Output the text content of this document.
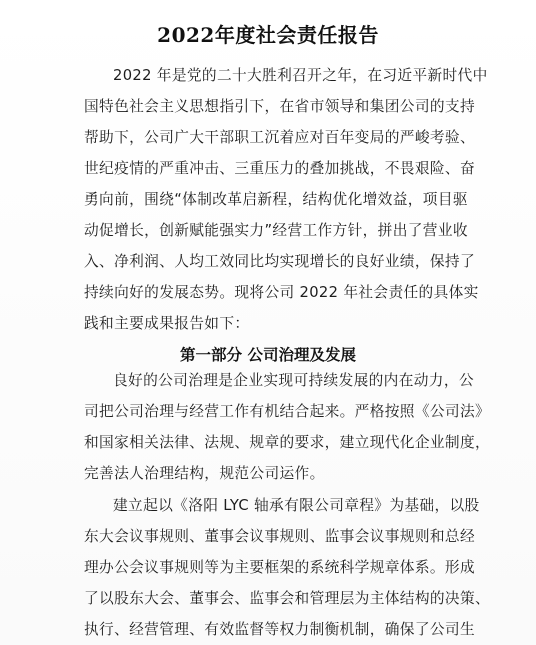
2022年度社会责任报告
2022 年是党的二十大胜利召开之年，在习近平新时代中
国特色社会主义思想指引下，在省市领导和集团公司的支持
帮助下，公司广大干部职工沉着应对百年变局的严峻考验、
世纪疫情的严重冲击、三重压力的叠加挑战，不畏艰险、奋
勇向前，围绕“体制改革启新程，结构优化增效益，项目驱
动促增长，创新赋能强实力”经营工作方针，拼出了营业收
入、净利润、人均工效同比均实现增长的良好业绩，保持了
持续向好的发展态势。现将公司 2022 年社会责任的具体实
践和主要成果报告如下：
第一部分 公司治理及发展
良好的公司治理是企业实现可持续发展的内在动力，公
司把公司治理与经营工作有机结合起来。严格按照《公司法》
和国家相关法律、法规、规章的要求，建立现代化企业制度，
完善法人治理结构，规范公司运作。
建立起以《洛阳 LYC 轴承有限公司章程》为基础，以股
东大会议事规则、董事会议事规则、监事会议事规则和总经
理办公会议事规则等为主要框架的系统科学规章体系。形成
了以股东大会、董事会、监事会和管理层为主体结构的决策、
执行、经营管理、有效监督等权力制衡机制，确保了公司生
